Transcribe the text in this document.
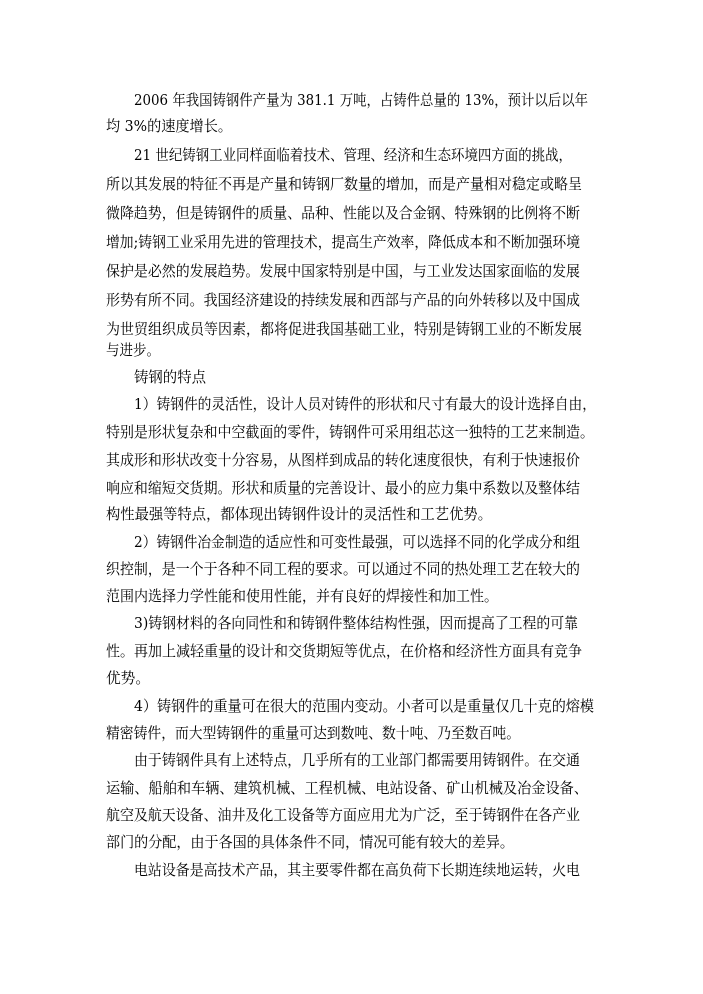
2006 年我国铸钢件产量为 381.1 万吨，占铸件总量的 13%，预计以后以年
均 3%的速度增长。
21 世纪铸钢工业同样面临着技术、管理、经济和生态环境四方面的挑战，
所以其发展的特征不再是产量和铸钢厂数量的增加，而是产量相对稳定或略呈
微降趋势，但是铸钢件的质量、品种、性能以及合金钢、特殊钢的比例将不断
增加;铸钢工业采用先进的管理技术，提高生产效率，降低成本和不断加强环境
保护是必然的发展趋势。发展中国家特别是中国，与工业发达国家面临的发展
形势有所不同。我国经济建设的持续发展和西部与产品的向外转移以及中国成
为世贸组织成员等因素，都将促进我国基础工业，特别是铸钢工业的不断发展
与进步。
铸钢的特点
1）铸钢件的灵活性，设计人员对铸件的形状和尺寸有最大的设计选择自由，
特别是形状复杂和中空截面的零件，铸钢件可采用组芯这一独特的工艺来制造。
其成形和形状改变十分容易，从图样到成品的转化速度很快，有利于快速报价
响应和缩短交货期。形状和质量的完善设计、最小的应力集中系数以及整体结
构性最强等特点，都体现出铸钢件设计的灵活性和工艺优势。
2）铸钢件冶金制造的适应性和可变性最强，可以选择不同的化学成分和组
织控制，是一个于各种不同工程的要求。可以通过不同的热处理工艺在较大的
范围内选择力学性能和使用性能，并有良好的焊接性和加工性。
3)铸钢材料的各向同性和和铸钢件整体结构性强，因而提高了工程的可靠
性。再加上减轻重量的设计和交货期短等优点，在价格和经济性方面具有竞争
优势。
4）铸钢件的重量可在很大的范围内变动。小者可以是重量仅几十克的熔模
精密铸件，而大型铸钢件的重量可达到数吨、数十吨、乃至数百吨。
由于铸钢件具有上述特点，几乎所有的工业部门都需要用铸钢件。在交通
运输、船舶和车辆、建筑机械、工程机械、电站设备、矿山机械及冶金设备、
航空及航天设备、油井及化工设备等方面应用尤为广泛，至于铸钢件在各产业
部门的分配，由于各国的具体条件不同，情况可能有较大的差异。
电站设备是高技术产品，其主要零件都在高负荷下长期连续地运转，火电
